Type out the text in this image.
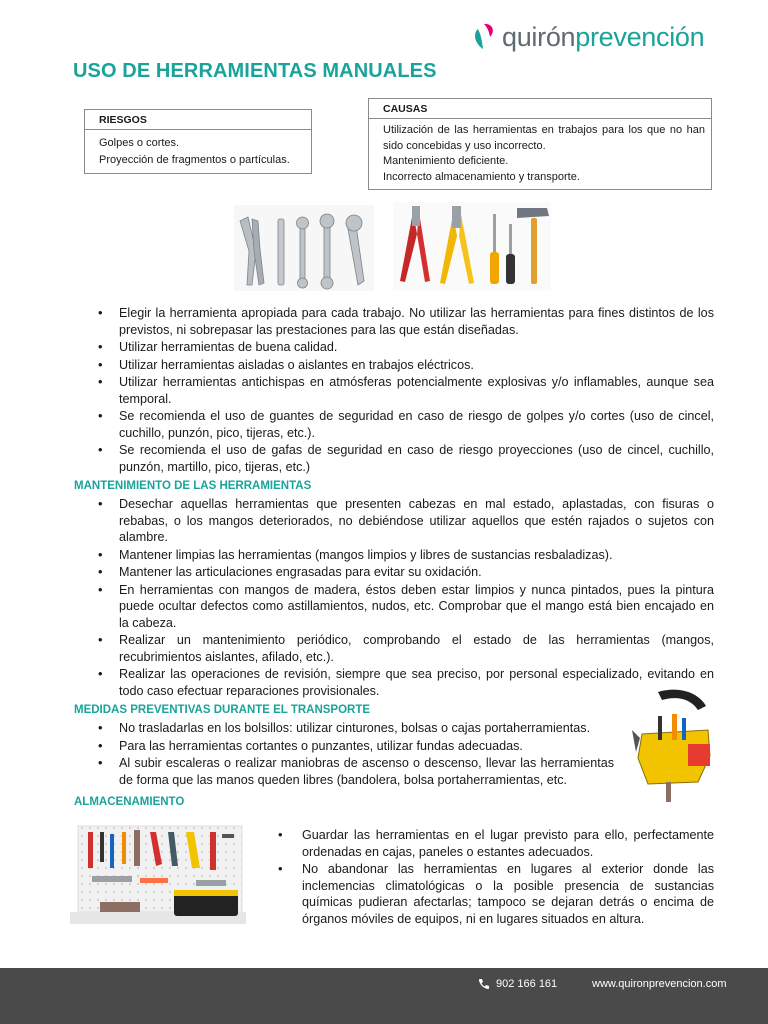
quirónprevención
USO DE HERRAMIENTAS MANUALES
RIESGOS

Golpes o cortes.

Proyección de fragmentos o partículas.

CAUSAS

Utilización de las herramientas en trabajos para los que no han sido concebidas y uso incorrecto.

Mantenimiento deficiente.

Incorrecto almacenamiento y transporte.

• Elegir la herramienta apropiada para cada trabajo. No utilizar las herramientas para fines distintos de los previstos, ni sobrepasar las prestaciones para las que están diseñadas.
• Utilizar herramientas de buena calidad.
• Utilizar herramientas aisladas o aislantes en trabajos eléctricos.
• Utilizar herramientas antichispas en atmósferas potencialmente explosivas y/o inflamables, aunque sea temporal.
• Se recomienda el uso de guantes de seguridad en caso de riesgo de golpes y/o cortes (uso de cincel, cuchillo, punzón, pico, tijeras, etc.).
• Se recomienda el uso de gafas de seguridad en caso de riesgo proyecciones (uso de cincel, cuchillo, punzón, martillo, pico, tijeras, etc.)
MANTENIMIENTO DE LAS HERRAMIENTAS
• Desechar aquellas herramientas que presenten cabezas en mal estado, aplastadas, con fisuras o rebabas, o los mangos deteriorados, no debiéndose utilizar aquellos que estén rajados o sujetos con alambre.
• Mantener limpias las herramientas (mangos limpios y libres de sustancias resbaladizas).
• Mantener las articulaciones engrasadas para evitar su oxidación.
• En herramientas con mangos de madera, éstos deben estar limpios y nunca pintados, pues la pintura puede ocultar defectos como astillamientos, nudos, etc. Comprobar que el mango está bien encajado en la cabeza.
• Realizar un mantenimiento periódico, comprobando el estado de las herramientas (mangos, recubrimientos aislantes, afilado, etc.).
• Realizar las operaciones de revisión, siempre que sea preciso, por personal especializado, evitando en todo caso efectuar reparaciones provisionales.
MEDIDAS PREVENTIVAS DURANTE EL TRANSPORTE
• No trasladarlas en los bolsillos: utilizar cinturones, bolsas o cajas portaherramientas.
• Para las herramientas cortantes o punzantes, utilizar fundas adecuadas.
• Al subir escaleras o realizar maniobras de ascenso o descenso, llevar las herramientas de forma que las manos queden libres (bandolera, bolsa portaherramientas, etc.
ALMACENAMIENTO
• Guardar las herramientas en el lugar previsto para ello, perfectamente ordenadas en cajas, paneles o estantes adecuados.
• No abandonar las herramientas en lugares al exterior donde las inclemencias climatológicas o la posible presencia de sustancias químicas pudieran afectarlas; tampoco se dejaran detrás o encima de órganos móviles de equipos, ni en lugares situados en altura.
902 166 161	www.quironprevencion.com
